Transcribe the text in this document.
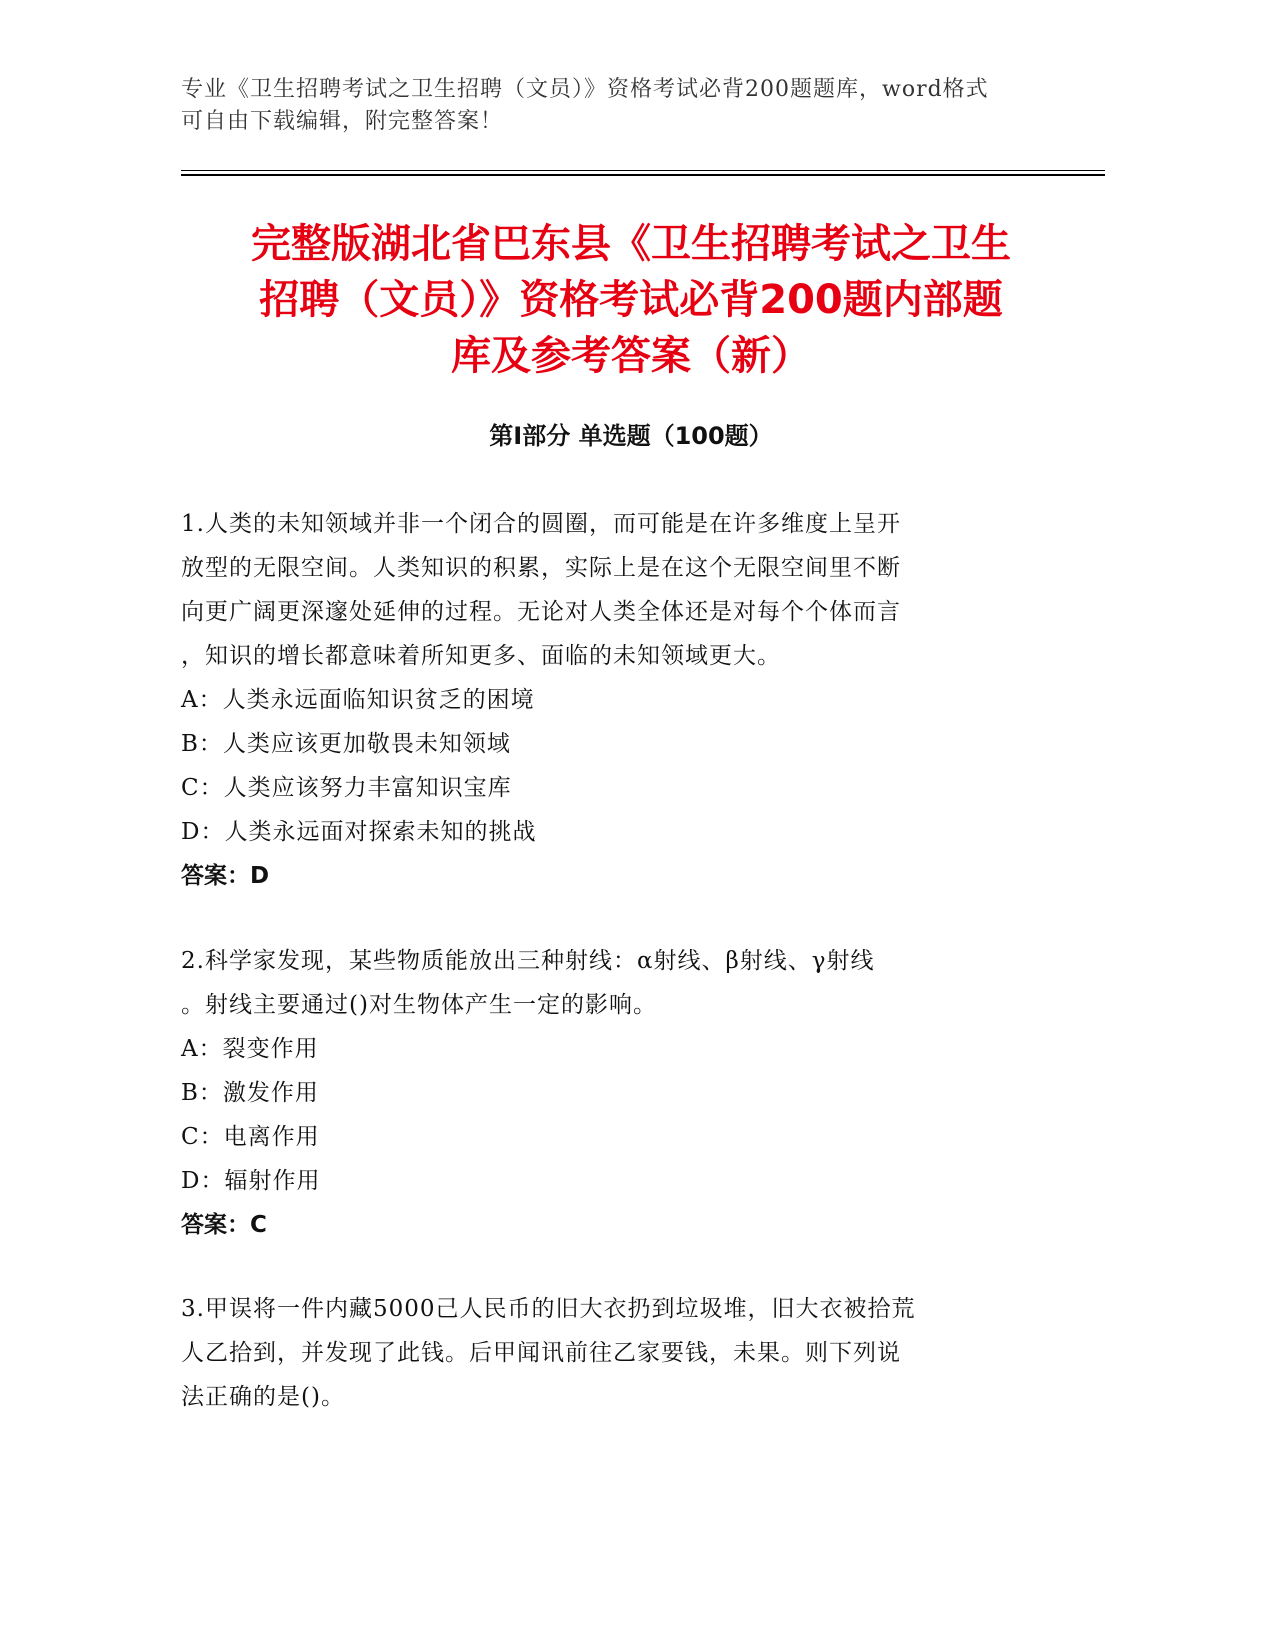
专业《卫生招聘考试之卫生招聘（文员）》资格考试必背200题题库，word格式

可自由下载编辑，附完整答案！

完整版湖北省巴东县《卫生招聘考试之卫生
招聘（文员）》资格考试必背200题内部题
库及参考答案（新）
第Ⅰ部分 单选题（100题）
1.人类的未知领域并非一个闭合的圆圈，而可能是在许多维度上呈开
放型的无限空间。人类知识的积累，实际上是在这个无限空间里不断
向更广阔更深邃处延伸的过程。无论对人类全体还是对每个个体而言
，知识的增长都意味着所知更多、面临的未知领域更大。
A：人类永远面临知识贫乏的困境
B：人类应该更加敬畏未知领域
C：人类应该努力丰富知识宝库
D：人类永远面对探索未知的挑战
答案：D
2.科学家发现，某些物质能放出三种射线：α射线、β射线、γ射线
。射线主要通过()对生物体产生一定的影响。
A：裂变作用
B：激发作用
C：电离作用
D：辐射作用
答案：C
3.甲误将一件内藏5000己人民币的旧大衣扔到垃圾堆，旧大衣被拾荒
人乙拾到，并发现了此钱。后甲闻讯前往乙家要钱，未果。则下列说
法正确的是()。
